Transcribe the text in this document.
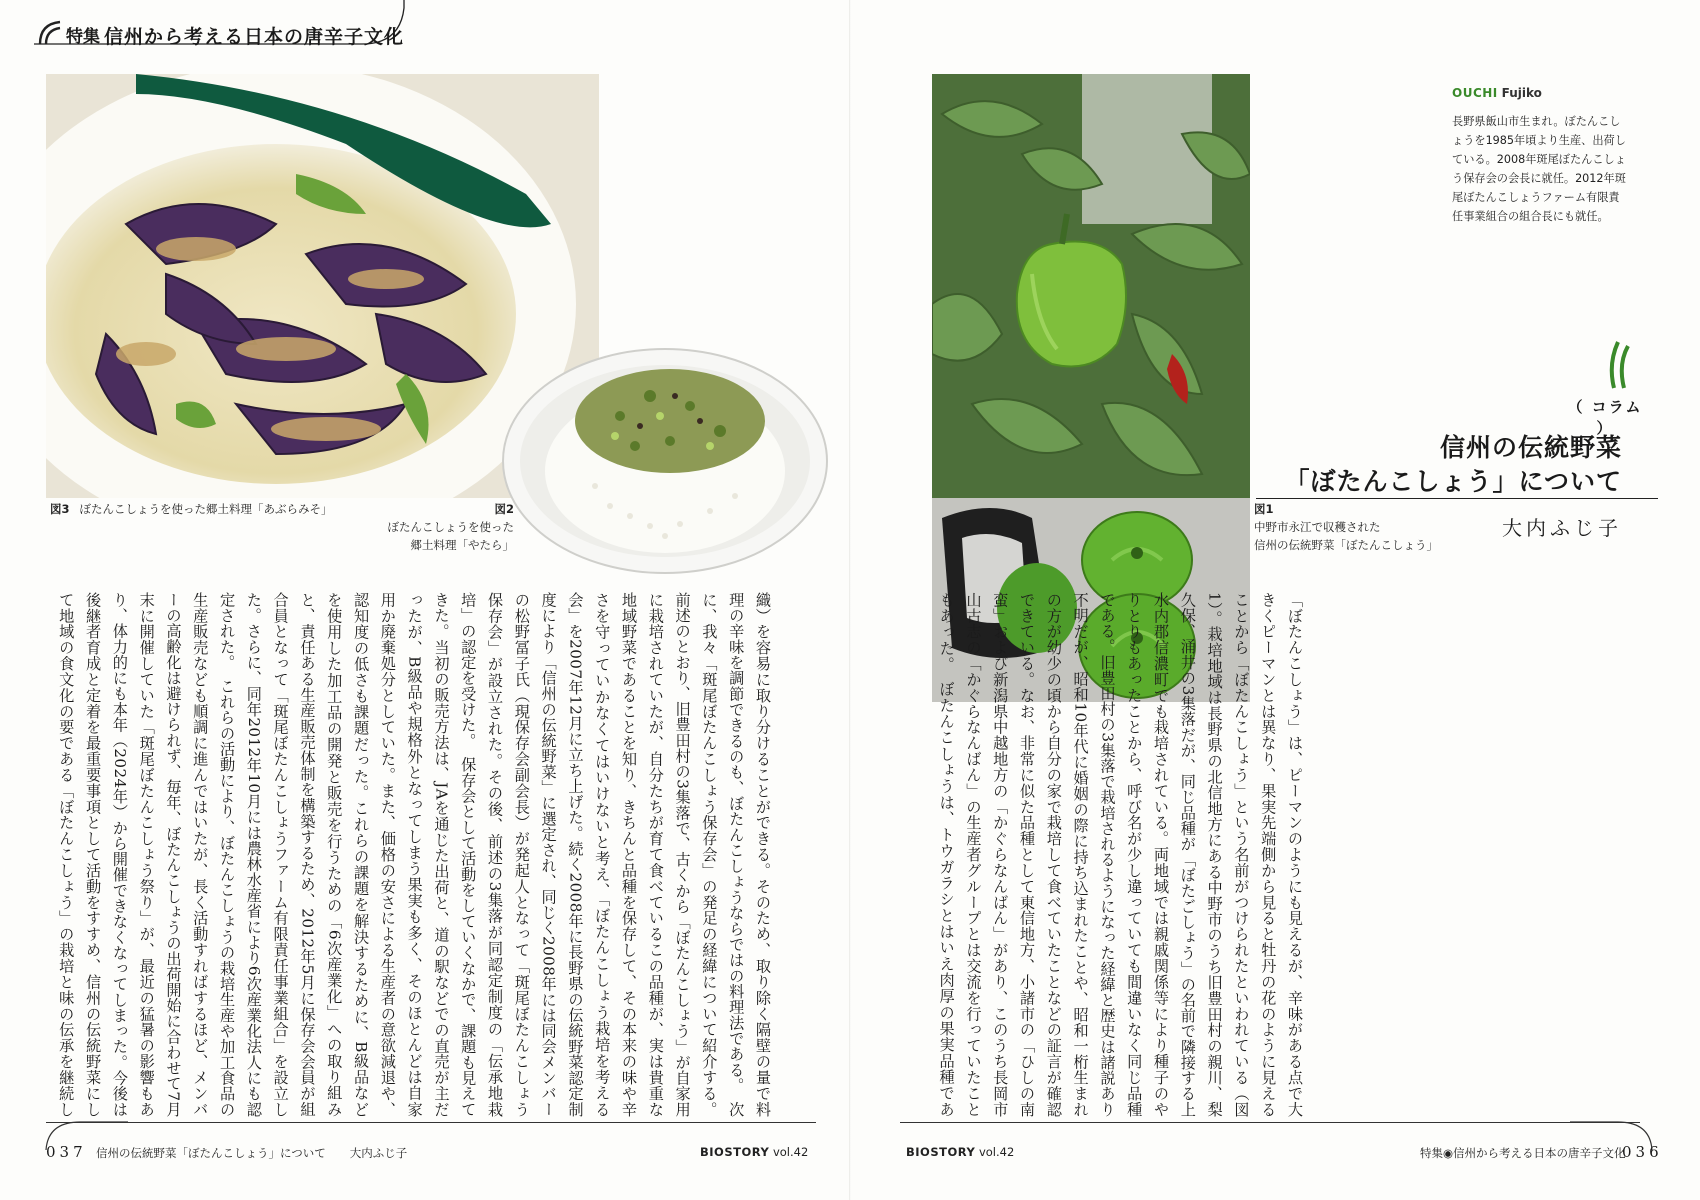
特集 信州から考える日本の唐辛子文化
図3 ぼたんこしょうを使った郷土料理「あぶらみそ」	図2
ぼたんこしょうを使った
郷土料理「やたら」
図1
中野市永江で収穫された
信州の伝統野菜「ぼたんこしょう」
OUCHI Fujiko
長野県飯山市生まれ。ぼたんこしょうを1985年頃より生産、出荷している。2008年斑尾ぼたんこしょう保存会の会長に就任。2012年斑尾ぼたんこしょうファーム有限責任事業組合の組合長にも就任。
（ コラム ）
信州の伝統野菜
「ぼたんこしょう」について
大内ふじ子
「ぼたんこしょう」は、ピーマンのようにも見えるが、辛味がある点で大きくピーマンとは異なり、果実先端側から見ると牡丹の花のように見えることから「ぼたんこしょう」という名前がつけられたといわれている（図1）。栽培地域は長野県の北信地方にある中野市のうち旧豊田村の親川、梨久保、涌井の3集落だが、同じ品種が「ぼたごしょう」の名前で隣接する上水内郡信濃町でも栽培されている。両地域では親戚関係等により種子のやりとりもあったことから、呼び名が少し違っていても間違いなく同じ品種である。旧豊田村の3集落で栽培されるようになった経緯と歴史は諸説あり不明だが、昭和10年代に婚姻の際に持ち込まれたことや、昭和一桁生まれの方が幼少の頃から自分の家で栽培して食べていたことなどの証言が確認できている。なお、非常に似た品種として東信地方、小諸市の「ひしの南蛮」および新潟県中越地方の「かぐらなんばん」があり、このうち長岡市山古志の「かぐらなんばん」の生産者グループとは交流を行っていたこともあった。　ぼたんこしょうは、トウガラシとはいえ肉厚の果実品種であ
織）を容易に取り分けることができる。そのため、取り除く隔壁の量で料理の辛味を調節できるのも、ぼたんこしょうならではの料理法である。　次に、我々「斑尾ぼたんこしょう保存会」の発足の経緯について紹介する。前述のとおり、旧豊田村の3集落で、古くから「ぼたんこしょう」が自家用に栽培されていたが、自分たちが育て食べているこの品種が、実は貴重な地域野菜であることを知り、きちんと品種を保存して、その本来の味や辛さを守っていかなくてはいけないと考え、「ぼたんこしょう栽培を考える会」を2007年12月に立ち上げた。続く2008年に長野県の伝統野菜認定制度により「信州の伝統野菜」に選定され、同じく2008年には同会メンバーの松野冨子氏（現保存会副会長）が発起人となって「斑尾ぼたんこしょう保存会」が設立された。その後、前述の3集落が同認定制度の「伝承地栽培」の認定を受けた。　保存会として活動をしていくなかで、課題も見えてきた。当初の販売方法は、JAを通じた出荷と、道の駅などでの直売が主だったが、B級品や規格外となってしまう果実も多く、そのほとんどは自家用か廃棄処分としていた。また、価格の安さによる生産者の意欲減退や、認知度の低さも課題だった。これらの課題を解決するために、B級品などを使用した加工品の開発と販売を行うための「6次産業化」への取り組みと、責任ある生産販売体制を構築するため、2012年5月に保存会会員が組合員となって「斑尾ぼたんこしょうファーム有限責任事業組合」を設立した。さらに、同年2012年10月には農林水産省により6次産業化法人にも認定された。　これらの活動により、ぼたんこしょうの栽培生産や加工食品の生産販売なども順調に進んではいたが、長く活動すればするほど、メンバーの高齢化は避けられず、毎年、ぼたんこしょうの出荷開始に合わせて7月末に開催していた「斑尾ぼたんこしょう祭り」が、最近の猛暑の影響もあり、体力的にも本年（2024年）から開催できなくなってしまった。今後は後継者育成と定着を最重要事項として活動をすすめ、信州の伝統野菜にして地域の食文化の要である「ぼたんこしょう」の栽培と味の伝承を継続し
037 信州の伝統野菜「ぼたんこしょう」について 大内ふじ子	BIOSTORY vol.42	BIOSTORY vol.42	特集◉信州から考える日本の唐辛子文化
036
